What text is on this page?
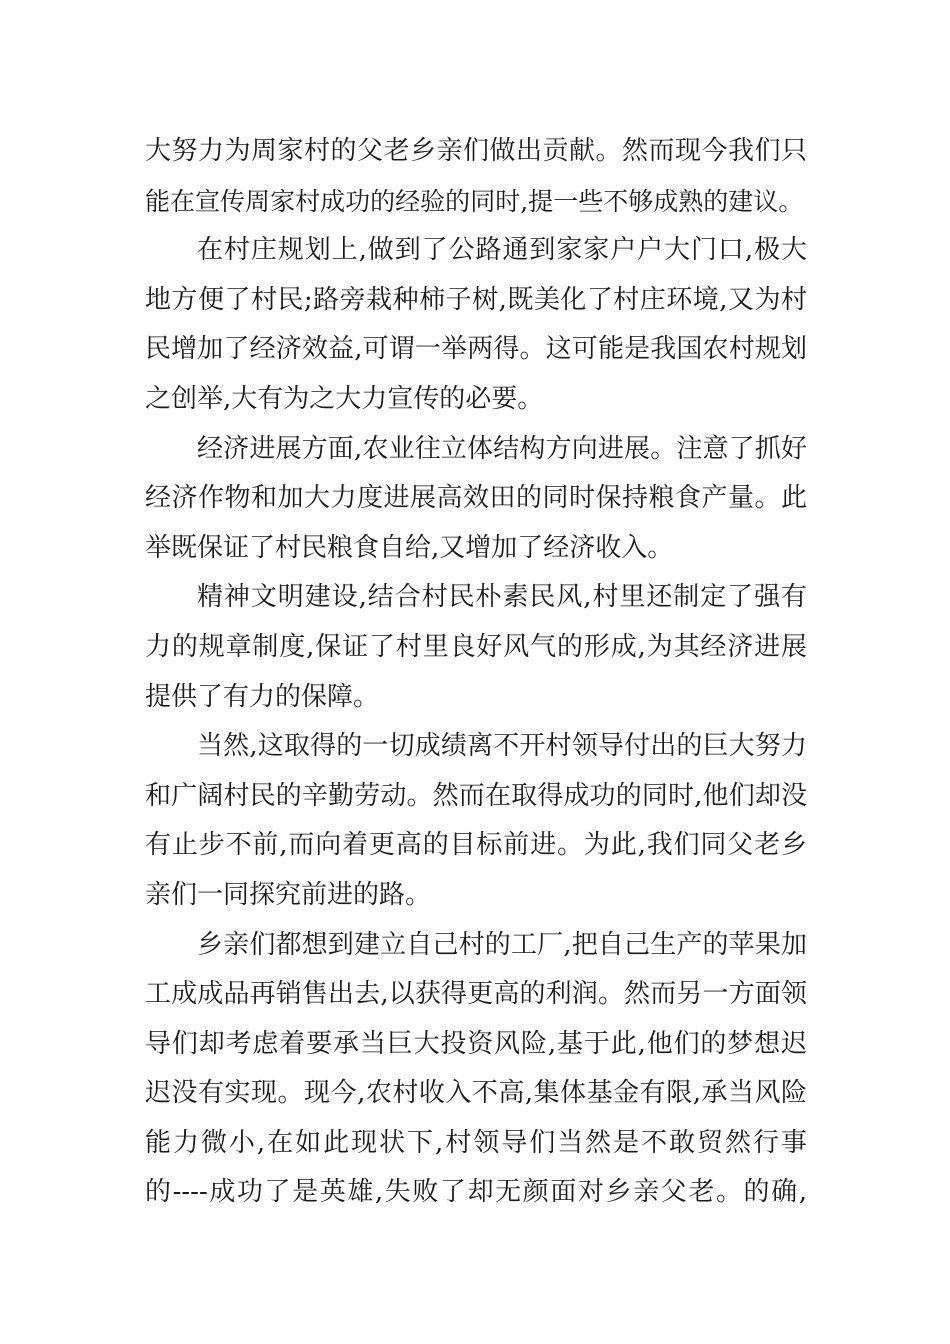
大努力为周家村的父老乡亲们做出贡献。然而现今我们只
能在宣传周家村成功的经验的同时,提一些不够成熟的建议。
在村庄规划上,做到了公路通到家家户户大门口,极大
地方便了村民;路旁栽种柿子树,既美化了村庄环境,又为村
民增加了经济效益,可谓一举两得。这可能是我国农村规划
之创举,大有为之大力宣传的必要。
经济进展方面,农业往立体结构方向进展。注意了抓好
经济作物和加大力度进展高效田的同时保持粮食产量。此
举既保证了村民粮食自给,又增加了经济收入。
精神文明建设,结合村民朴素民风,村里还制定了强有
力的规章制度,保证了村里良好风气的形成,为其经济进展
提供了有力的保障。
当然,这取得的一切成绩离不开村领导付出的巨大努力
和广阔村民的辛勤劳动。然而在取得成功的同时,他们却没
有止步不前,而向着更高的目标前进。为此,我们同父老乡
亲们一同探究前进的路。
乡亲们都想到建立自己村的工厂,把自己生产的苹果加
工成成品再销售出去,以获得更高的利润。然而另一方面领
导们却考虑着要承当巨大投资风险,基于此,他们的梦想迟
迟没有实现。现今,农村收入不高,集体基金有限,承当风险
能力微小,在如此现状下,村领导们当然是不敢贸然行事
的----成功了是英雄,失败了却无颜面对乡亲父老。的确,
